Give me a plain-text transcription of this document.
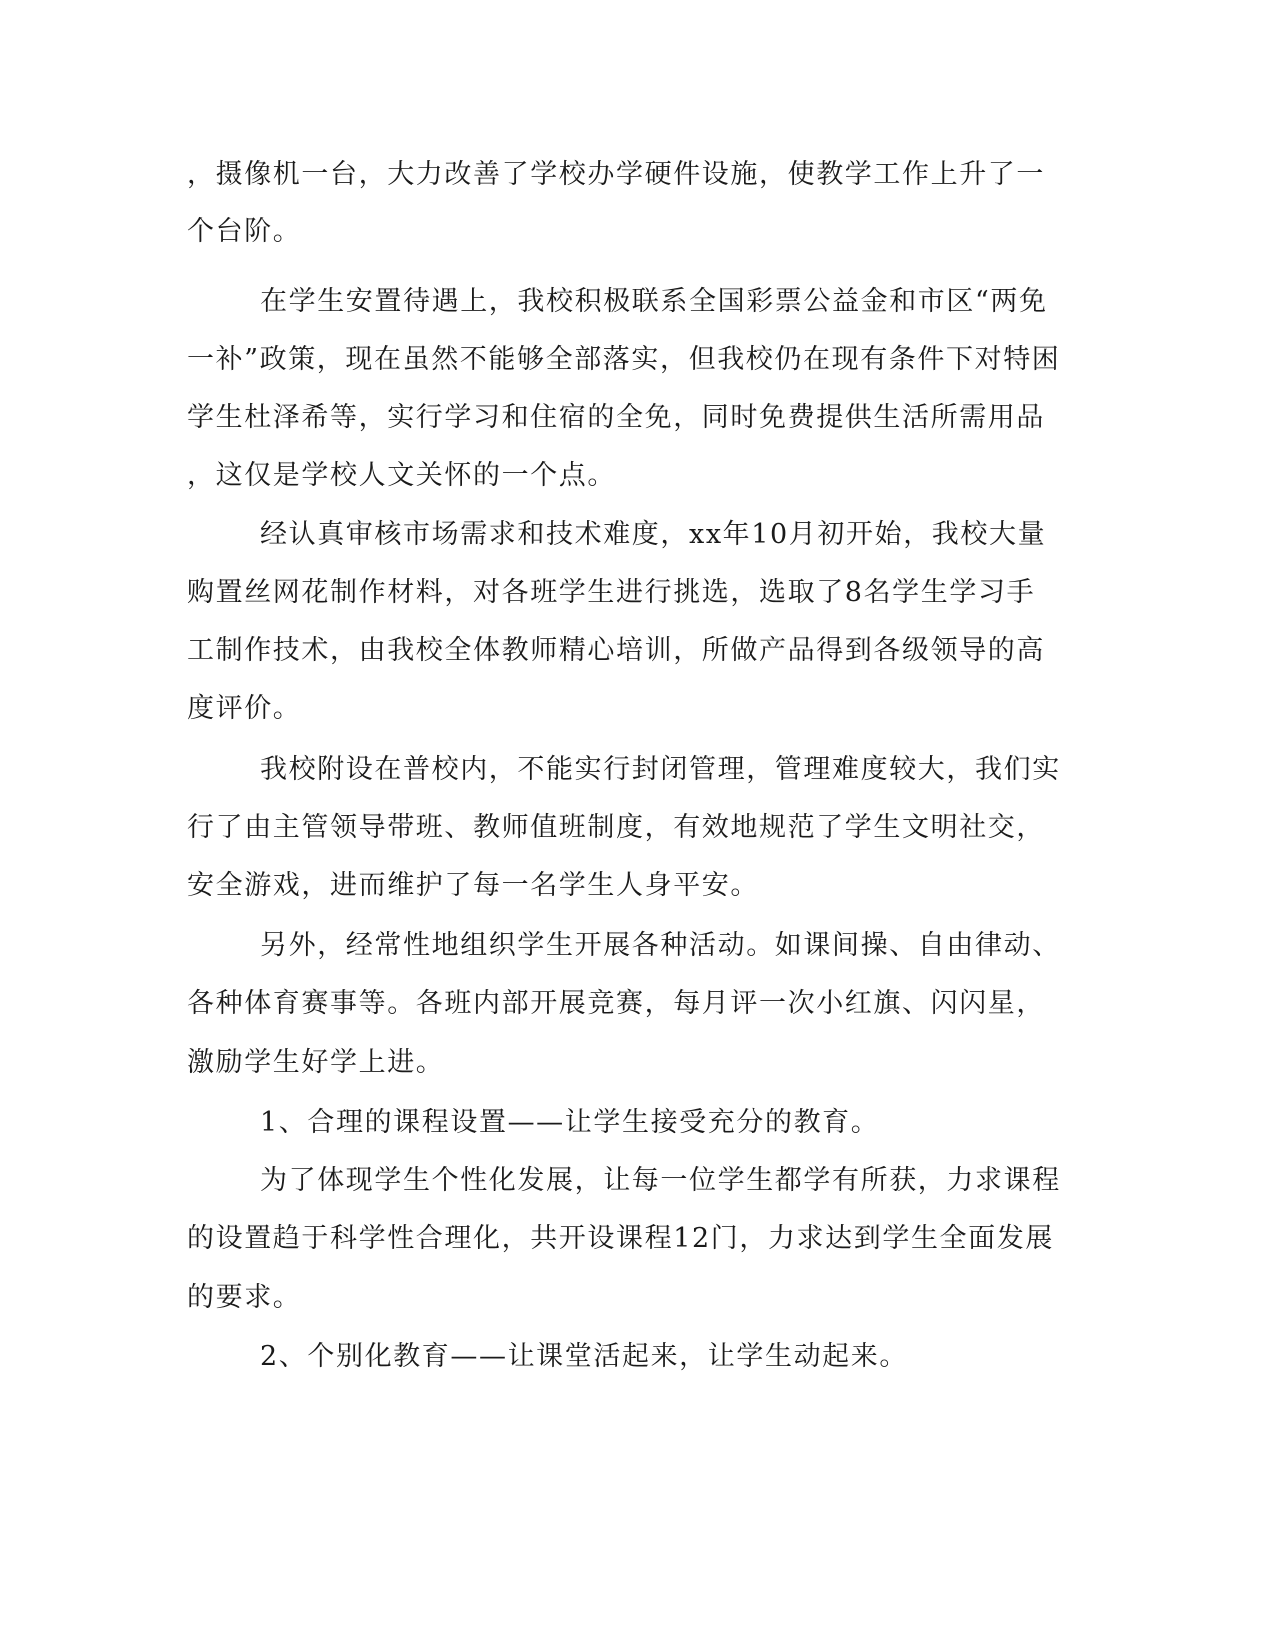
，摄像机一台，大力改善了学校办学硬件设施，使教学工作上升了一
个台阶。
在学生安置待遇上，我校积极联系全国彩票公益金和市区“两免
一补”政策，现在虽然不能够全部落实，但我校仍在现有条件下对特困
学生杜泽希等，实行学习和住宿的全免，同时免费提供生活所需用品
，这仅是学校人文关怀的一个点。
经认真审核市场需求和技术难度，xx年10月初开始，我校大量
购置丝网花制作材料，对各班学生进行挑选，选取了8名学生学习手
工制作技术，由我校全体教师精心培训，所做产品得到各级领导的高
度评价。
我校附设在普校内，不能实行封闭管理，管理难度较大，我们实
行了由主管领导带班、教师值班制度，有效地规范了学生文明社交，
安全游戏，进而维护了每一名学生人身平安。
另外，经常性地组织学生开展各种活动。如课间操、自由律动、
各种体育赛事等。各班内部开展竞赛，每月评一次小红旗、闪闪星，
激励学生好学上进。
1、合理的课程设置——让学生接受充分的教育。
为了体现学生个性化发展，让每一位学生都学有所获，力求课程
的设置趋于科学性合理化，共开设课程12门，力求达到学生全面发展
的要求。
2、个别化教育——让课堂活起来，让学生动起来。
